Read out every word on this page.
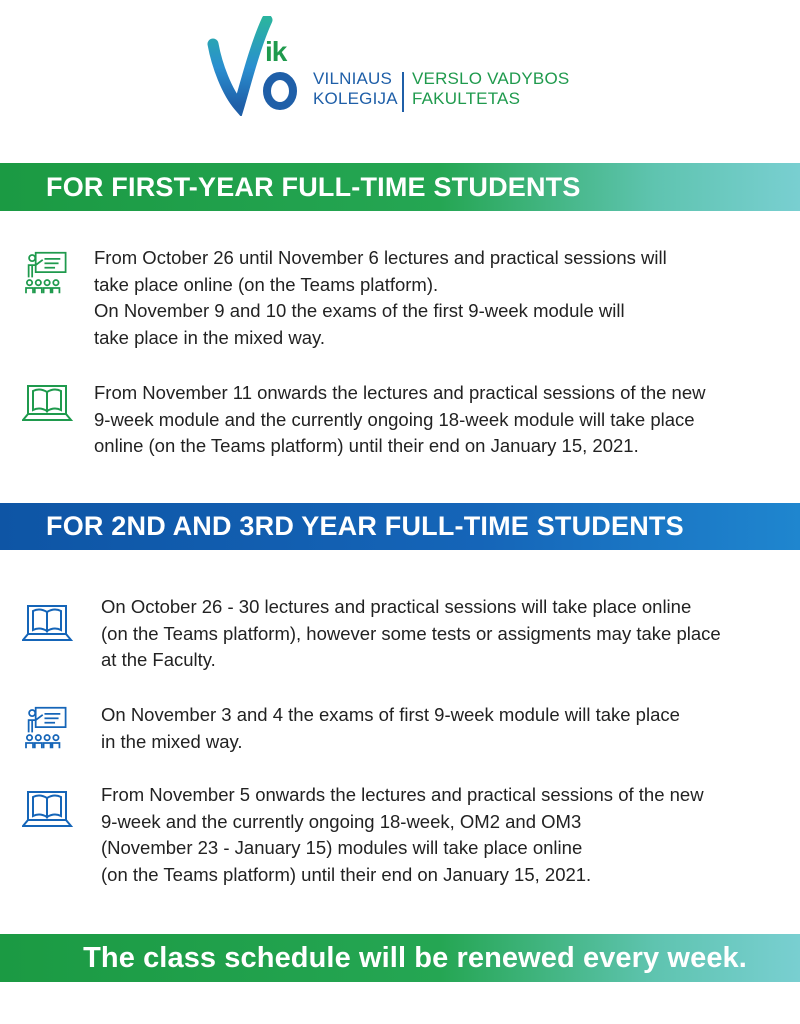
ik
VILNIAUS
KOLEGIJA
VERSLO VADYBOS
FAKULTETAS
FOR FIRST-YEAR FULL-TIME STUDENTS

From October 26 until November 6 lectures and practical sessions will

take place online (on the Teams platform).

On November 9 and 10 the exams of the first 9-week module will

take place in the mixed way.

From November 11 onwards the lectures and practical sessions of the new

9-week module and the currently ongoing 18-week module will take place

online (on the Teams platform) until their end on January 15, 2021.

FOR 2ND AND 3RD YEAR FULL-TIME STUDENTS

On October 26 - 30 lectures and practical sessions will take place online

(on the Teams platform), however some tests or assigments may take place

at the Faculty.

On November 3 and 4 the exams of first 9-week module will take place

in the mixed way.

From November 5 onwards the lectures and practical sessions of the new

9-week and the currently ongoing 18-week, OM2 and OM3

(November 23 - January 15) modules will take place online

(on the Teams platform) until their end on January 15, 2021.

The class schedule will be renewed every week.
